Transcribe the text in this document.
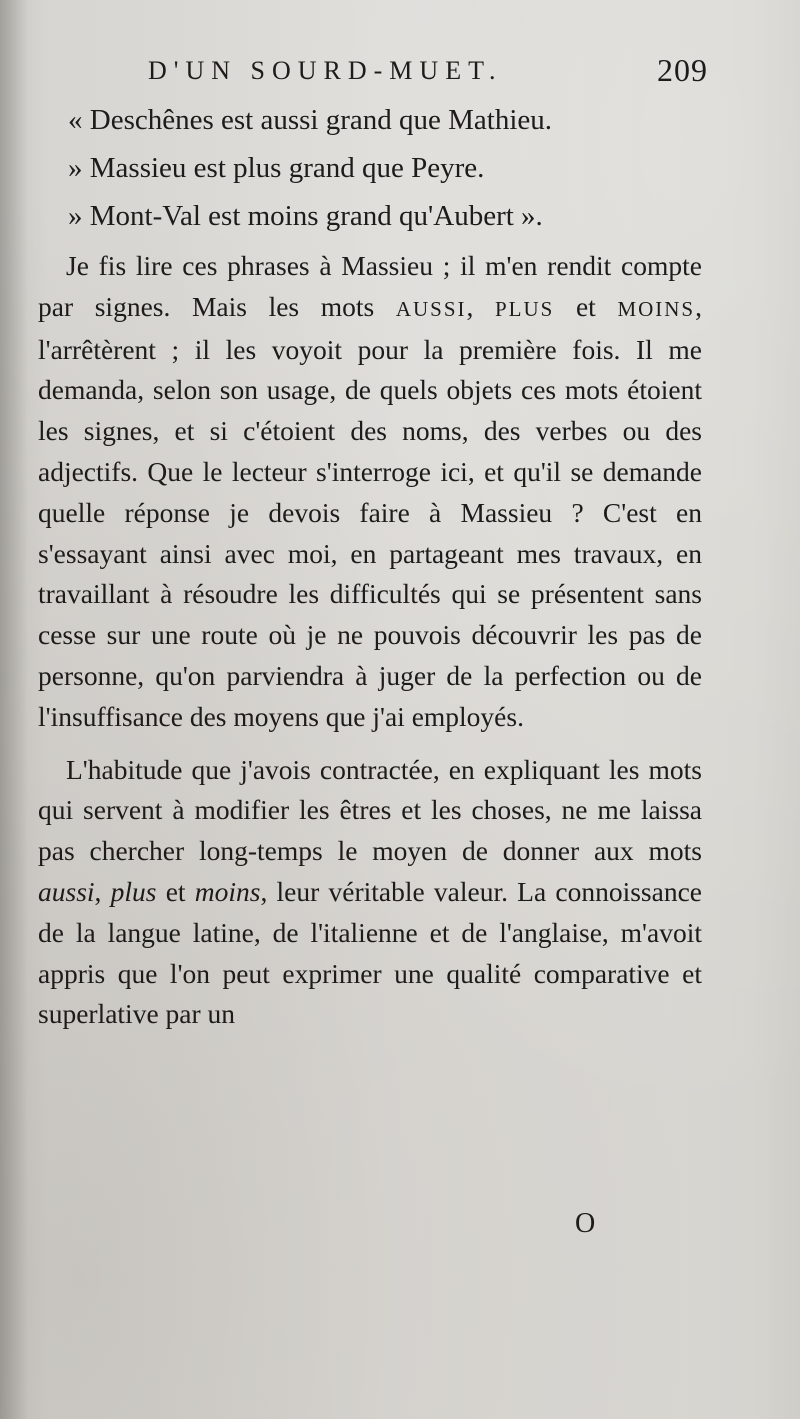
D'UN SOURD-MUET.	209

« Deschênes est aussi grand que Mathieu.

» Massieu est plus grand que Peyre.

» Mont-Val est moins grand qu'Aubert ».

Je fis lire ces phrases à Massieu ; il m'en rendit compte par signes. Mais les mots AUSSI, PLUS et MOINS, l'arrêtèrent ; il les voyoit pour la première fois. Il me demanda, selon son usage, de quels objets ces mots étoient les signes, et si c'étoient des noms, des verbes ou des adjectifs. Que le lecteur s'interroge ici, et qu'il se demande quelle réponse je devois faire à Massieu ? C'est en s'essayant ainsi avec moi, en partageant mes travaux, en travaillant à résoudre les difficultés qui se présentent sans cesse sur une route où je ne pouvois découvrir les pas de personne, qu'on parviendra à juger de la perfection ou de l'insuffisance des moyens que j'ai employés.

L'habitude que j'avois contractée, en expliquant les mots qui servent à modifier les êtres et les choses, ne me laissa pas chercher long-temps le moyen de donner aux mots aussi, plus et moins, leur véritable valeur. La connoissance de la langue latine, de l'italienne et de l'anglaise, m'avoit appris que l'on peut exprimer une qualité comparative et superlative par un

O
